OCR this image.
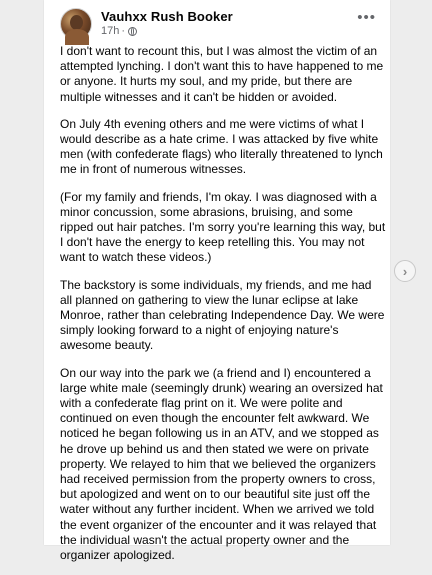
Vauhxx Rush Booker
17h ·
•••

I don't want to recount this, but I was almost the victim of an attempted lynching. I don't want this to have happened to me or anyone. It hurts my soul, and my pride, but there are multiple witnesses and it can't be hidden or avoided.

On July 4th evening others and me were victims of what I would describe as a hate crime. I was attacked by five white men (with confederate flags) who literally threatened to lynch me in front of numerous witnesses.

(For my family and friends, I'm okay. I was diagnosed with a minor concussion, some abrasions, bruising, and some ripped out hair patches. I'm sorry you're learning this way, but I don't have the energy to keep retelling this. You may not want to watch these videos.)

The backstory is some individuals, my friends, and me had all planned on gathering to view the lunar eclipse at lake Monroe, rather than celebrating Independence Day. We were simply looking forward to a night of enjoying nature's awesome beauty.

On our way into the park we (a friend and I) encountered a large white male (seemingly drunk) wearing an oversized hat with a confederate flag print on it. We were polite and continued on even though the encounter felt awkward. We noticed he began following us in an ATV, and we stopped as he drove up behind us and then stated we were on private property. We relayed to him that we believed the organizers had received permission from the property owners to cross, but apologized and went on to our beautiful site just off the water without any further incident. When we arrived we told the event organizer of the encounter and it was relayed that the individual wasn't the actual property owner and the organizer apologized.

›
